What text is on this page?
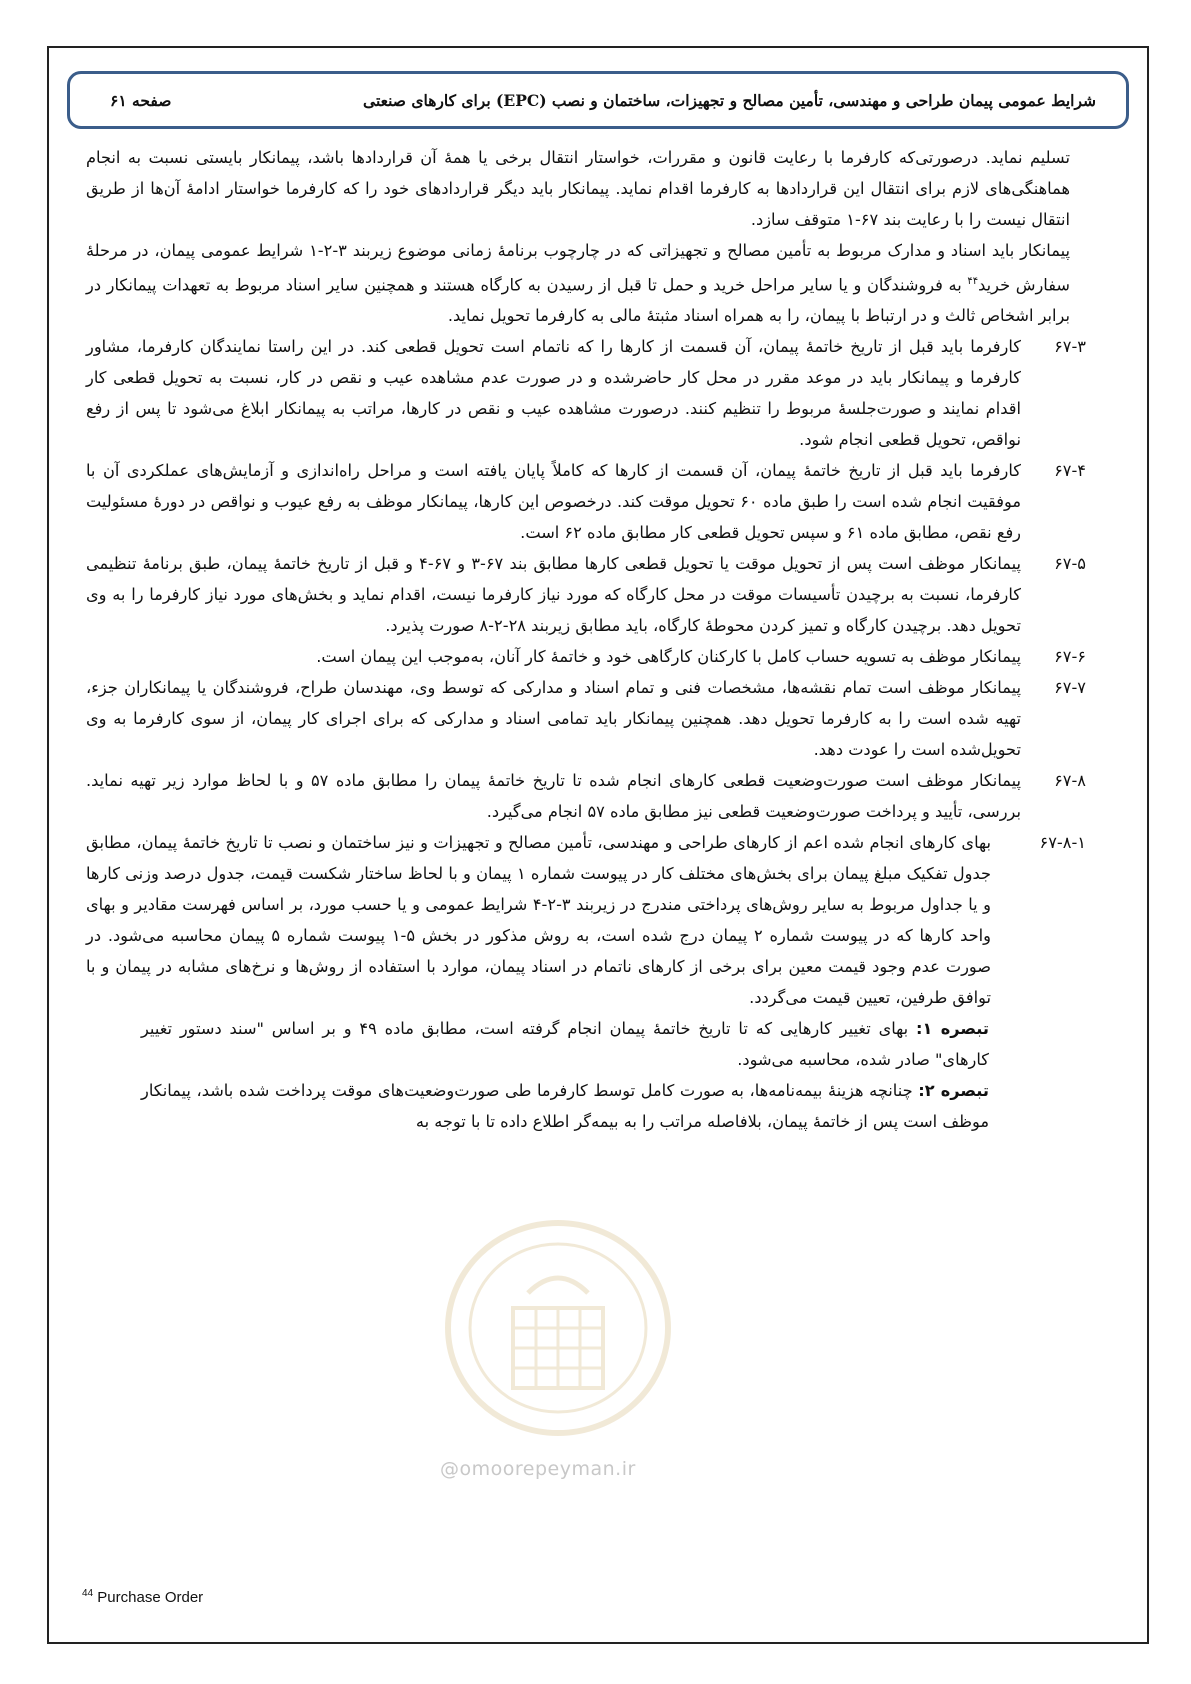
شرایط عمومی پیمان طراحی و مهندسی، تأمین مصالح و تجهیزات، ساختمان و نصب (EPC) برای کارهای صنعتی
صفحه ۶۱

تسلیم نماید. درصورتی‌که کارفرما با رعایت قانون و مقررات، خواستار انتقال برخی یا همهٔ آن قراردادها باشد، پیمانکار بایستی نسبت به انجام هماهنگی‌های لازم برای انتقال این قراردادها به کارفرما اقدام نماید. پیمانکار باید دیگر قراردادهای خود را که کارفرما خواستار ادامهٔ آن‌ها از طریق انتقال نیست را با رعایت بند ۶۷-۱ متوقف سازد.

پیمانکار باید اسناد و مدارک مربوط به تأمین مصالح و تجهیزاتی که در چارچوب برنامهٔ زمانی موضوع زیربند ۳-۲-۱ شرایط عمومی پیمان، در مرحلهٔ سفارش خرید$^{۴۴}$ به فروشندگان و یا سایر مراحل خرید و حمل تا قبل از رسیدن به کارگاه هستند و همچنین سایر اسناد مربوط به تعهدات پیمانکار در برابر اشخاص ثالث و در ارتباط با پیمان، را به همراه اسناد مثبتهٔ مالی به کارفرما تحویل نماید.

۶۷-۳
کارفرما باید قبل از تاریخ خاتمهٔ پیمان، آن قسمت از کارها را که ناتمام است تحویل قطعی کند. در این راستا نمایندگان کارفرما، مشاور کارفرما و پیمانکار باید در موعد مقرر در محل کار حاضرشده و در صورت عدم مشاهده عیب و نقص در کار، نسبت به تحویل قطعی کار اقدام نمایند و صورت‌جلسهٔ مربوط را تنظیم کنند. درصورت مشاهده عیب و نقص در کارها، مراتب به پیمانکار ابلاغ می‌شود تا پس از رفع نواقص، تحویل قطعی انجام شود.
۶۷-۴
کارفرما باید قبل از تاریخ خاتمهٔ پیمان، آن قسمت از کارها که کاملاً پایان یافته است و مراحل راه‌اندازی و آزمایش‌های عملکردی آن با موفقیت انجام شده است را طبق ماده ۶۰ تحویل موقت کند. درخصوص این کارها، پیمانکار موظف به رفع عیوب و نواقص در دورهٔ مسئولیت رفع نقص، مطابق ماده ۶۱ و سپس تحویل قطعی کار مطابق ماده ۶۲ است.
۶۷-۵
پیمانکار موظف است پس از تحویل موقت یا تحویل قطعی کارها مطابق بند ۶۷-۳ و ۶۷-۴ و قبل از تاریخ خاتمهٔ پیمان، طبق برنامهٔ تنظیمی کارفرما، نسبت به برچیدن تأسیسات موقت در محل کارگاه که مورد نیاز کارفرما نیست، اقدام نماید و بخش‌های مورد نیاز کارفرما را به وی تحویل دهد. برچیدن کارگاه و تمیز کردن محوطهٔ کارگاه، باید مطابق زیربند ۲۸-۲-۸ صورت پذیرد.
۶۷-۶
پیمانکار موظف به تسویه حساب کامل با کارکنان کارگاهی خود و خاتمهٔ کار آنان، به‌موجب این پیمان است.
۶۷-۷
پیمانکار موظف است تمام نقشه‌ها، مشخصات فنی و تمام اسناد و مدارکی که توسط وی، مهندسان طراح، فروشندگان یا پیمانکاران جزء، تهیه شده است را به کارفرما تحویل دهد. همچنین پیمانکار باید تمامی اسناد و مدارکی که برای اجرای کار پیمان، از سوی کارفرما به وی تحویل‌شده است را عودت دهد.
۶۷-۸
پیمانکار موظف است صورت‌وضعیت قطعی کارهای انجام شده تا تاریخ خاتمهٔ پیمان را مطابق ماده ۵۷ و با لحاظ موارد زیر تهیه نماید. بررسی، تأیید و پرداخت صورت‌وضعیت قطعی نیز مطابق ماده ۵۷ انجام می‌گیرد.
۶۷-۸-۱
بهای کارهای انجام شده اعم از کارهای طراحی و مهندسی، تأمین مصالح و تجهیزات و نیز ساختمان و نصب تا تاریخ خاتمهٔ پیمان، مطابق جدول تفکیک مبلغ پیمان برای بخش‌های مختلف کار در پیوست شماره ۱ پیمان و با لحاظ ساختار شکست قیمت، جدول درصد وزنی کارها و یا جداول مربوط به سایر روش‌های پرداختی مندرج در زیربند ۳-۲-۴ شرایط عمومی و یا حسب مورد، بر اساس فهرست مقادیر و بهای واحد کارها که در پیوست شماره ۲ پیمان درج شده است، به روش مذکور در بخش ۵-۱ پیوست شماره ۵ پیمان محاسبه می‌شود. در صورت عدم وجود قیمت معین برای برخی از کارهای ناتمام در اسناد پیمان، موارد با استفاده از روش‌ها و نرخ‌های مشابه در پیمان و با توافق طرفین، تعیین قیمت می‌گردد.

تبصره ۱: بهای تغییر کارهایی که تا تاریخ خاتمهٔ پیمان انجام گرفته است، مطابق ماده ۴۹ و بر اساس "سند دستور تغییر کارهای" صادر شده، محاسبه می‌شود.

تبصره ۲: چنانچه هزینهٔ بیمه‌نامه‌ها، به صورت کامل توسط کارفرما طی صورت‌وضعیت‌های موقت پرداخت شده باشد، پیمانکار موظف است پس از خاتمهٔ پیمان، بلافاصله مراتب را به بیمه‌گر اطلاع داده تا با توجه به

@omoorepeyman.ir
$^{44}$ Purchase Order
